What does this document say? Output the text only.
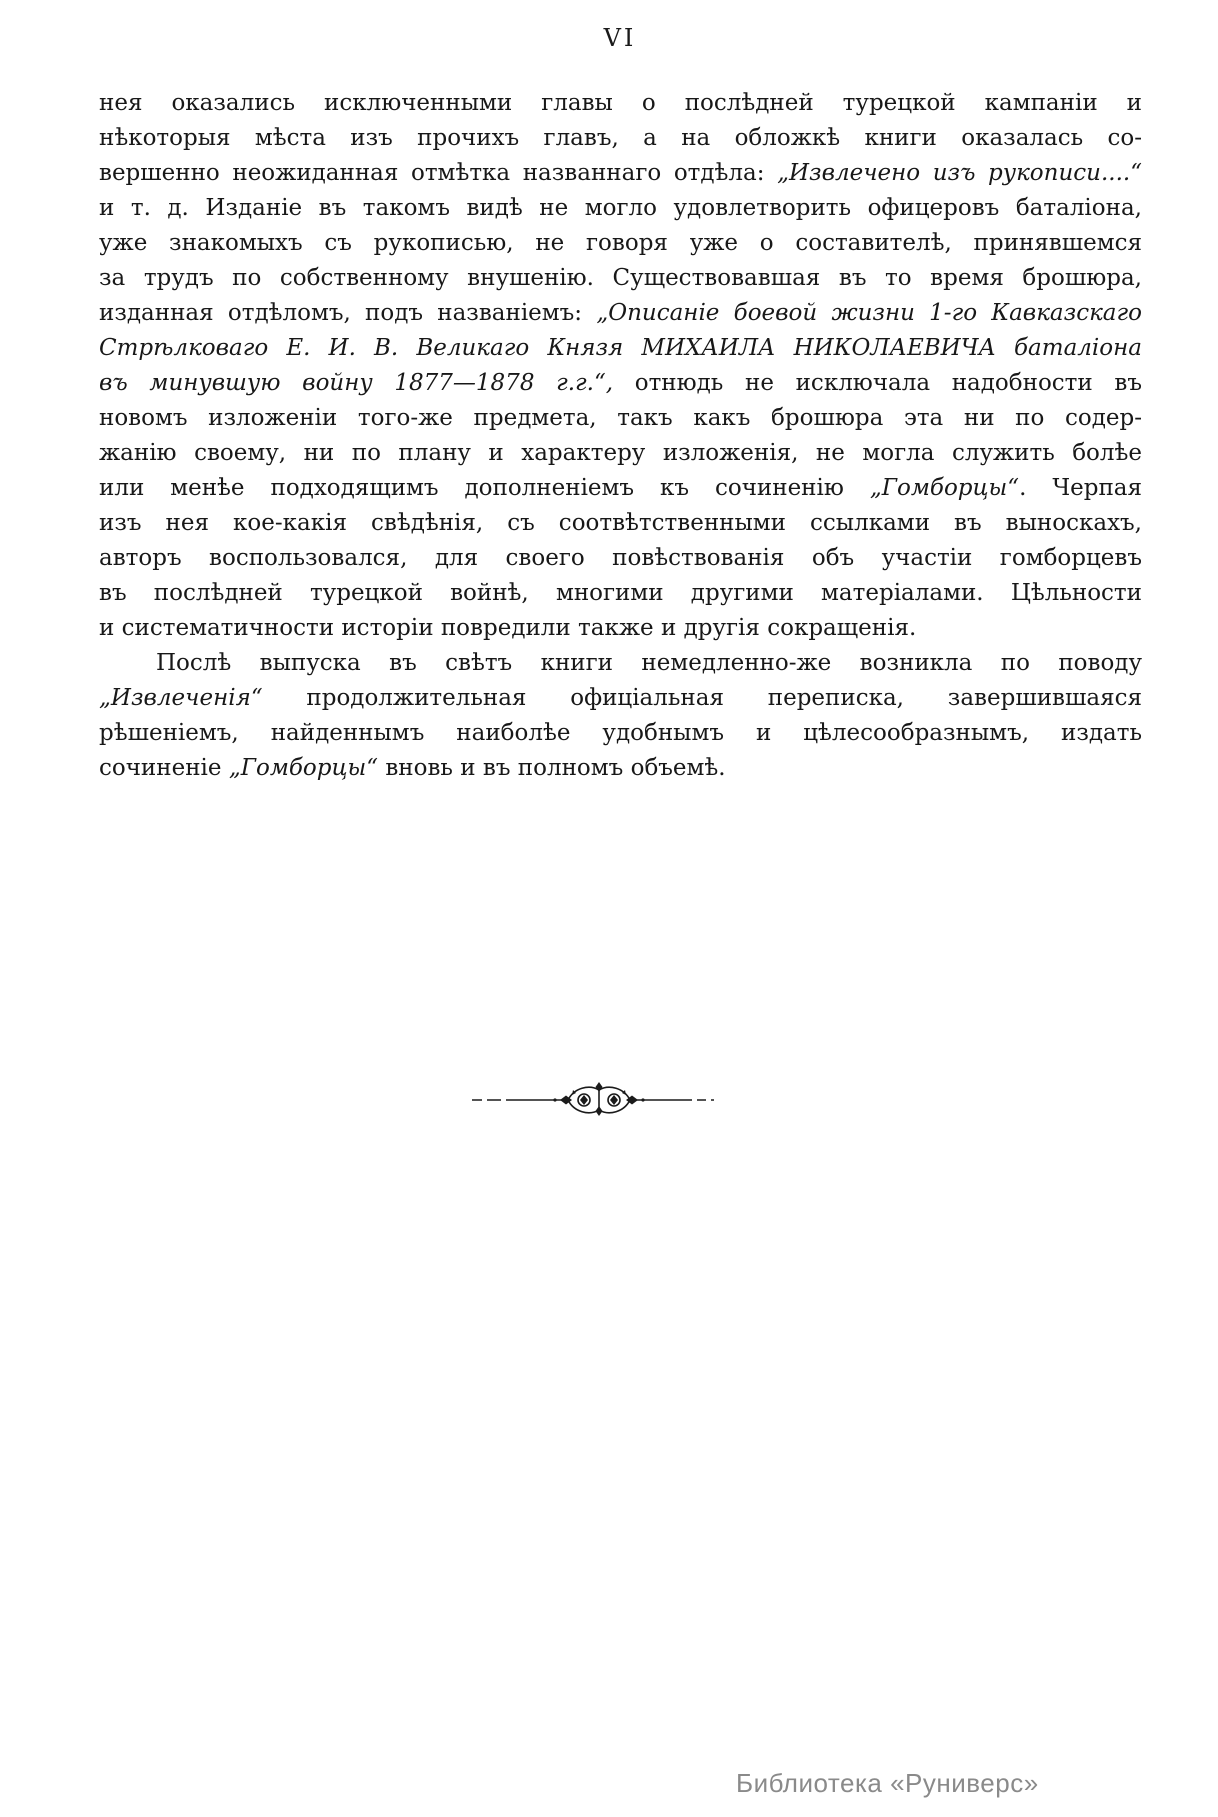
VI
нея оказались исключенными главы о послѣдней турецкой кампаніи и
нѣкоторыя мѣста изъ прочихъ главъ, а на обложкѣ книги оказалась со-
вершенно неожиданная отмѣтка названнаго отдѣла: „Извлечено изъ рукописи....“
и т. д. Изданіе въ такомъ видѣ не могло удовлетворить офицеровъ баталіона,
уже знакомыхъ съ рукописью, не говоря уже о составителѣ, принявшемся
за трудъ по собственному внушенію. Существовавшая въ то время брошюра,
изданная отдѣломъ, подъ названіемъ: „Описаніе боевой жизни 1-го Кавказскаго
Стрѣлковаго Е. И. В. Великаго Князя МИХАИЛА НИКОЛАЕВИЧА баталіона
въ минувшую войну 1877—1878 г.г.“, отнюдь не исключала надобности въ
новомъ изложеніи того-же предмета, такъ какъ брошюра эта ни по содер-
жанію своему, ни по плану и характеру изложенія, не могла служить болѣе
или менѣе подходящимъ дополненіемъ къ сочиненію „Гомборцы“. Черпая
изъ нея кое-какія свѣдѣнія, съ соотвѣтственными ссылками въ выноскахъ,
авторъ воспользовался, для своего повѣствованія объ участіи гомборцевъ
въ послѣдней турецкой войнѣ, многими другими матеріалами. Цѣльности
и систематичности исторіи повредили также и другія сокращенія.
Послѣ выпуска въ свѣтъ книги немедленно-же возникла по поводу
„Извлеченія“ продолжительная офиціальная переписка, завершившаяся
рѣшеніемъ, найденнымъ наиболѣе удобнымъ и цѣлесообразнымъ, издать
сочиненіе „Гомборцы“ вновь и въ полномъ объемѣ.
Библиотека «Руниверс»
